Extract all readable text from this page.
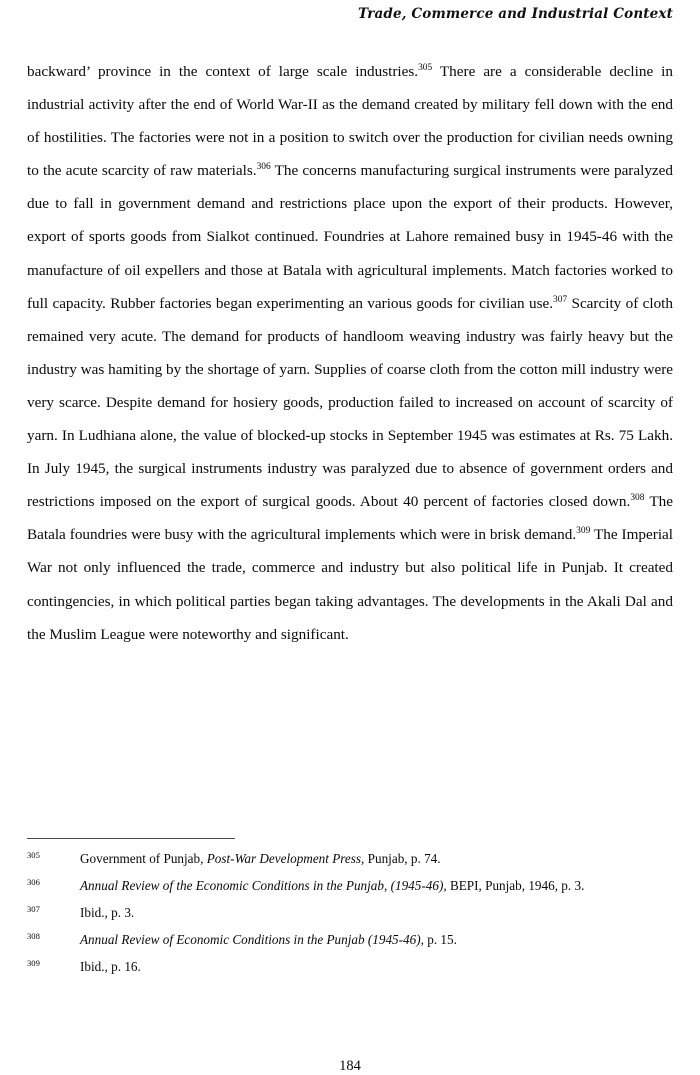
Trade, Commerce and Industrial Context

backward’ province in the context of large scale industries.$^{305}$ There are a considerable decline in industrial activity after the end of World War-II as the demand created by military fell down with the end of hostilities. The factories were not in a position to switch over the production for civilian needs owning to the acute scarcity of raw materials.$^{306}$ The concerns manufacturing surgical instruments were paralyzed due to fall in government demand and restrictions place upon the export of their products. However, export of sports goods from Sialkot continued. Foundries at Lahore remained busy in 1945-46 with the manufacture of oil expellers and those at Batala with agricultural implements. Match factories worked to full capacity. Rubber factories began experimenting an various goods for civilian use.$^{307}$ Scarcity of cloth remained very acute. The demand for products of handloom weaving industry was fairly heavy but the industry was hamiting by the shortage of yarn. Supplies of coarse cloth from the cotton mill industry were very scarce. Despite demand for hosiery goods, production failed to increased on account of scarcity of yarn. In Ludhiana alone, the value of blocked-up stocks in September 1945 was estimates at Rs. 75 Lakh. In July 1945, the surgical instruments industry was paralyzed due to absence of government orders and restrictions imposed on the export of surgical goods. About 40 percent of factories closed down.$^{308}$ The Batala foundries were busy with the agricultural implements which were in brisk demand.$^{309}$ The Imperial War not only influenced the trade, commerce and industry but also political life in Punjab. It created contingencies, in which political parties began taking advantages. The developments in the Akali Dal and the Muslim League were noteworthy and significant.

305	Government of Punjab, Post-War Development Press, Punjab, p. 74.
306	Annual Review of the Economic Conditions in the Punjab, (1945-46), BEPI, Punjab, 1946, p. 3.
307	Ibid., p. 3.
308	Annual Review of Economic Conditions in the Punjab (1945-46), p. 15.
309	Ibid., p. 16.
184
